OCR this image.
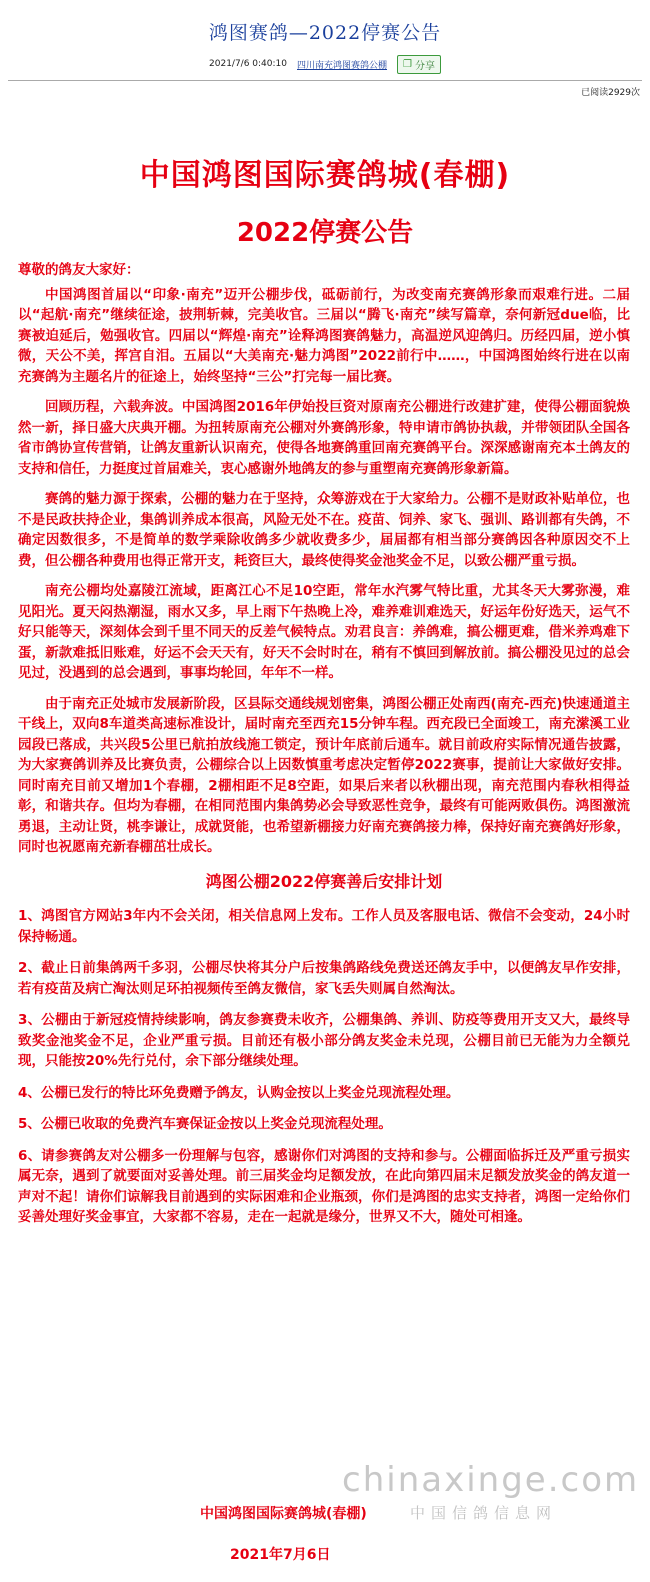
鸿图赛鸽—2022停赛公告
2021/7/6 0:40:10 四川南充鸿图赛鸽公棚 ❐ 分享
已阅读2929次
中国鸿图国际赛鸽城(春棚)
2022停赛公告

尊敬的鸽友大家好：

中国鸿图首届以“印象·南充”迈开公棚步伐，砥砺前行，为改变南充赛鸽形象而艰难行进。二届以“起航·南充”继续征途，披荆斩棘，完美收官。三届以“腾飞·南充”续写篇章，奈何新冠due临，比赛被迫延后，勉强收官。四届以“辉煌·南充”诠释鸿图赛鸽魅力，高温逆风迎鸽归。历经四届，逆小慎微，天公不美，挥宫自泪。五届以“大美南充·魅力鸿图”2022前行中……，中国鸿图始终行进在以南充赛鸽为主题名片的征途上，始终坚持“三公”打完每一届比赛。

回顾历程，六载奔波。中国鸿图2016年伊始投巨资对原南充公棚进行改建扩建，使得公棚面貌焕然一新，择日盛大庆典开棚。为扭转原南充公棚对外赛鸽形象，特申请市鸽协执裁，并带领团队全国各省市鸽协宣传营销，让鸽友重新认识南充，使得各地赛鸽重回南充赛鸽平台。深深感谢南充本土鸽友的支持和信任，力挺度过首届难关，衷心感谢外地鸽友的参与重塑南充赛鸽形象新篇。

赛鸽的魅力源于探索，公棚的魅力在于坚持，众筹游戏在于大家给力。公棚不是财政补贴单位，也不是民政扶持企业，集鸽训养成本很高，风险无处不在。疫苗、饲养、家飞、强训、路训都有失鸽，不确定因数很多，不是简单的数学乘除收鸽多少就收费多少，届届都有相当部分赛鸽因各种原因交不上费，但公棚各种费用也得正常开支，耗资巨大，最终使得奖金池奖金不足，以致公棚严重亏损。

南充公棚均处嘉陵江流域，距离江心不足10空距，常年水汽雾气特比重，尤其冬天大雾弥漫，难见阳光。夏天闷热潮湿，雨水又多，早上雨下午热晚上冷，难养难训难选天，好运年份好选天，运气不好只能等天，深刻体会到千里不同天的反差气候特点。劝君良言：养鸽难，搞公棚更难，借米养鸡难下蛋，新款难抵旧账难，好运不会天天有，好天不会时时在，稍有不慎回到解放前。搞公棚没见过的总会见过，没遇到的总会遇到，事事均轮回，年年不一样。

由于南充正处城市发展新阶段，区县际交通线规划密集，鸿图公棚正处南西(南充-西充)快速通道主干线上，双向8车道类高速标准设计，届时南充至西充15分钟车程。西充段已全面竣工，南充潆溪工业园段已落成，共兴段5公里已航拍放线施工锁定，预计年底前后通车。就目前政府实际情况通告披露，为大家赛鸽训养及比赛负责，公棚综合以上因数慎重考虑决定暂停2022赛事，提前让大家做好安排。同时南充目前又增加1个春棚，2棚相距不足8空距，如果后来者以秋棚出现，南充范围内春秋相得益彰，和谐共存。但均为春棚，在相同范围内集鸽势必会导致恶性竞争，最终有可能两败俱伤。鸿图激流勇退，主动让贤，桃李谦让，成就贤能，也希望新棚接力好南充赛鸽接力棒，保持好南充赛鸽好形象，同时也祝愿南充新春棚茁壮成长。

鸿图公棚2022停赛善后安排计划

1、鸿图官方网站3年内不会关闭，相关信息网上发布。工作人员及客服电话、微信不会变动，24小时保持畅通。

2、截止日前集鸽两千多羽，公棚尽快将其分户后按集鸽路线免费送还鸽友手中，以便鸽友早作安排，若有疫苗及病亡淘汰则足环拍视频传至鸽友微信，家飞丢失则属自然淘汰。

3、公棚由于新冠疫情持续影响，鸽友参赛费未收齐，公棚集鸽、养训、防疫等费用开支又大，最终导致奖金池奖金不足，企业严重亏损。目前还有极小部分鸽友奖金未兑现，公棚目前已无能为力全额兑现，只能按20%先行兑付，余下部分继续处理。

4、公棚已发行的特比环免费赠予鸽友，认购金按以上奖金兑现流程处理。

5、公棚已收取的免费汽车赛保证金按以上奖金兑现流程处理。

6、请参赛鸽友对公棚多一份理解与包容，感谢你们对鸿图的支持和参与。公棚面临拆迁及严重亏损实属无奈，遇到了就要面对妥善处理。前三届奖金均足额发放，在此向第四届末足额发放奖金的鸽友道一声对不起！请你们谅解我目前遇到的实际困难和企业瓶颈，你们是鸿图的忠实支持者，鸿图一定给你们妥善处理好奖金事宜，大家都不容易，走在一起就是缘分，世界又不大，随处可相逢。

chinaxinge.com
中国信鸽信息网
中国鸿图国际赛鸽城(春棚)
2021年7月6日
